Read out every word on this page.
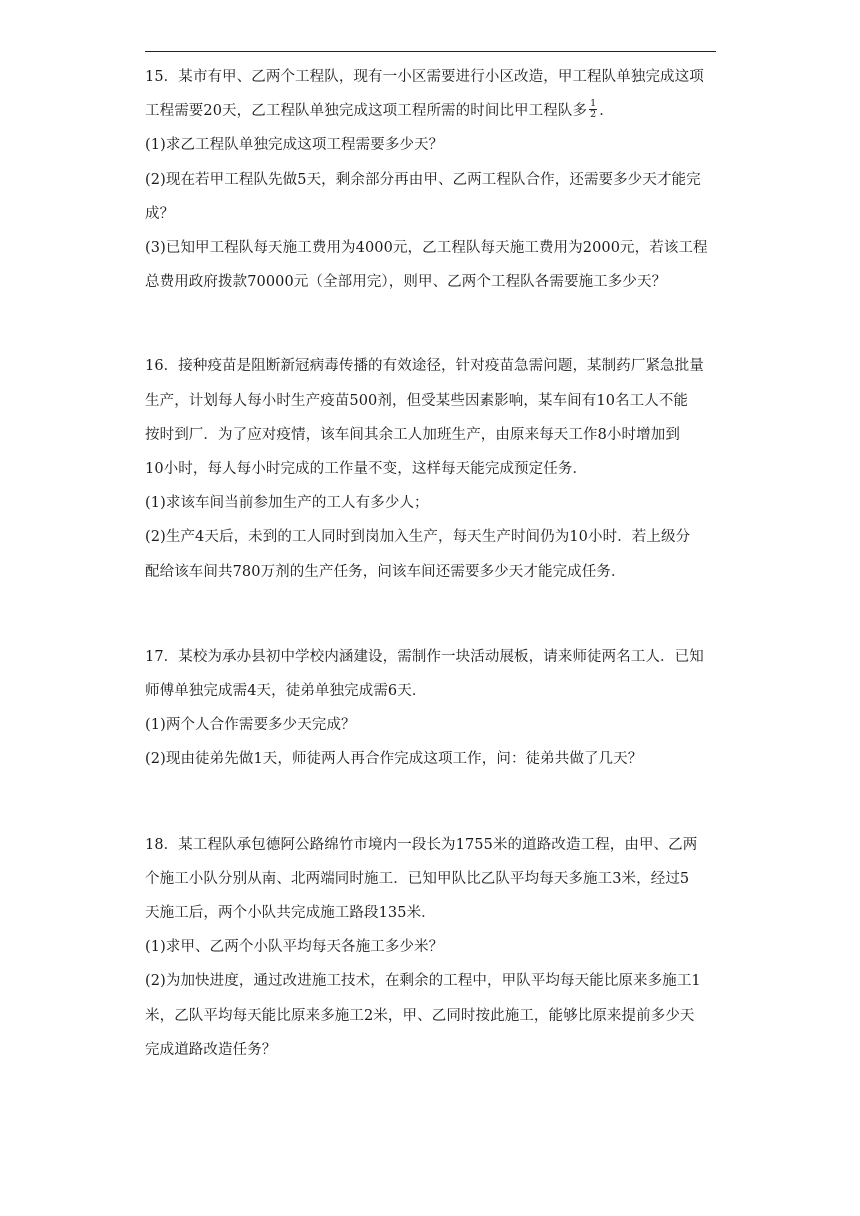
15．某市有甲、乙两个工程队，现有一小区需要进行小区改造，甲工程队单独完成这项
工程需要20天，乙工程队单独完成这项工程所需的时间比甲工程队多 $\frac{1}{2}$ ．
(1)求乙工程队单独完成这项工程需要多少天？
(2)现在若甲工程队先做5天，剩余部分再由甲、乙两工程队合作，还需要多少天才能完
成？
(3)已知甲工程队每天施工费用为4000元，乙工程队每天施工费用为2000元，若该工程
总费用政府拨款70000元（全部用完），则甲、乙两个工程队各需要施工多少天？
16．接种疫苗是阻断新冠病毒传播的有效途径，针对疫苗急需问题，某制药厂紧急批量
生产，计划每人每小时生产疫苗500剂，但受某些因素影响，某车间有10名工人不能
按时到厂．为了应对疫情，该车间其余工人加班生产，由原来每天工作8小时增加到
10小时，每人每小时完成的工作量不变，这样每天能完成预定任务．
(1)求该车间当前参加生产的工人有多少人；
(2)生产4天后，未到的工人同时到岗加入生产，每天生产时间仍为10小时．若上级分
配给该车间共780万剂的生产任务，问该车间还需要多少天才能完成任务．
17．某校为承办县初中学校内涵建设，需制作一块活动展板，请来师徒两名工人．已知
师傅单独完成需4天，徒弟单独完成需6天．
(1)两个人合作需要多少天完成？
(2)现由徒弟先做1天，师徒两人再合作完成这项工作，问：徒弟共做了几天？
18．某工程队承包德阿公路绵竹市境内一段长为1755米的道路改造工程，由甲、乙两
个施工小队分别从南、北两端同时施工．已知甲队比乙队平均每天多施工3米，经过5
天施工后，两个小队共完成施工路段135米．
(1)求甲、乙两个小队平均每天各施工多少米？
(2)为加快进度，通过改进施工技术，在剩余的工程中，甲队平均每天能比原来多施工1
米，乙队平均每天能比原来多施工2米，甲、乙同时按此施工，能够比原来提前多少天
完成道路改造任务？
